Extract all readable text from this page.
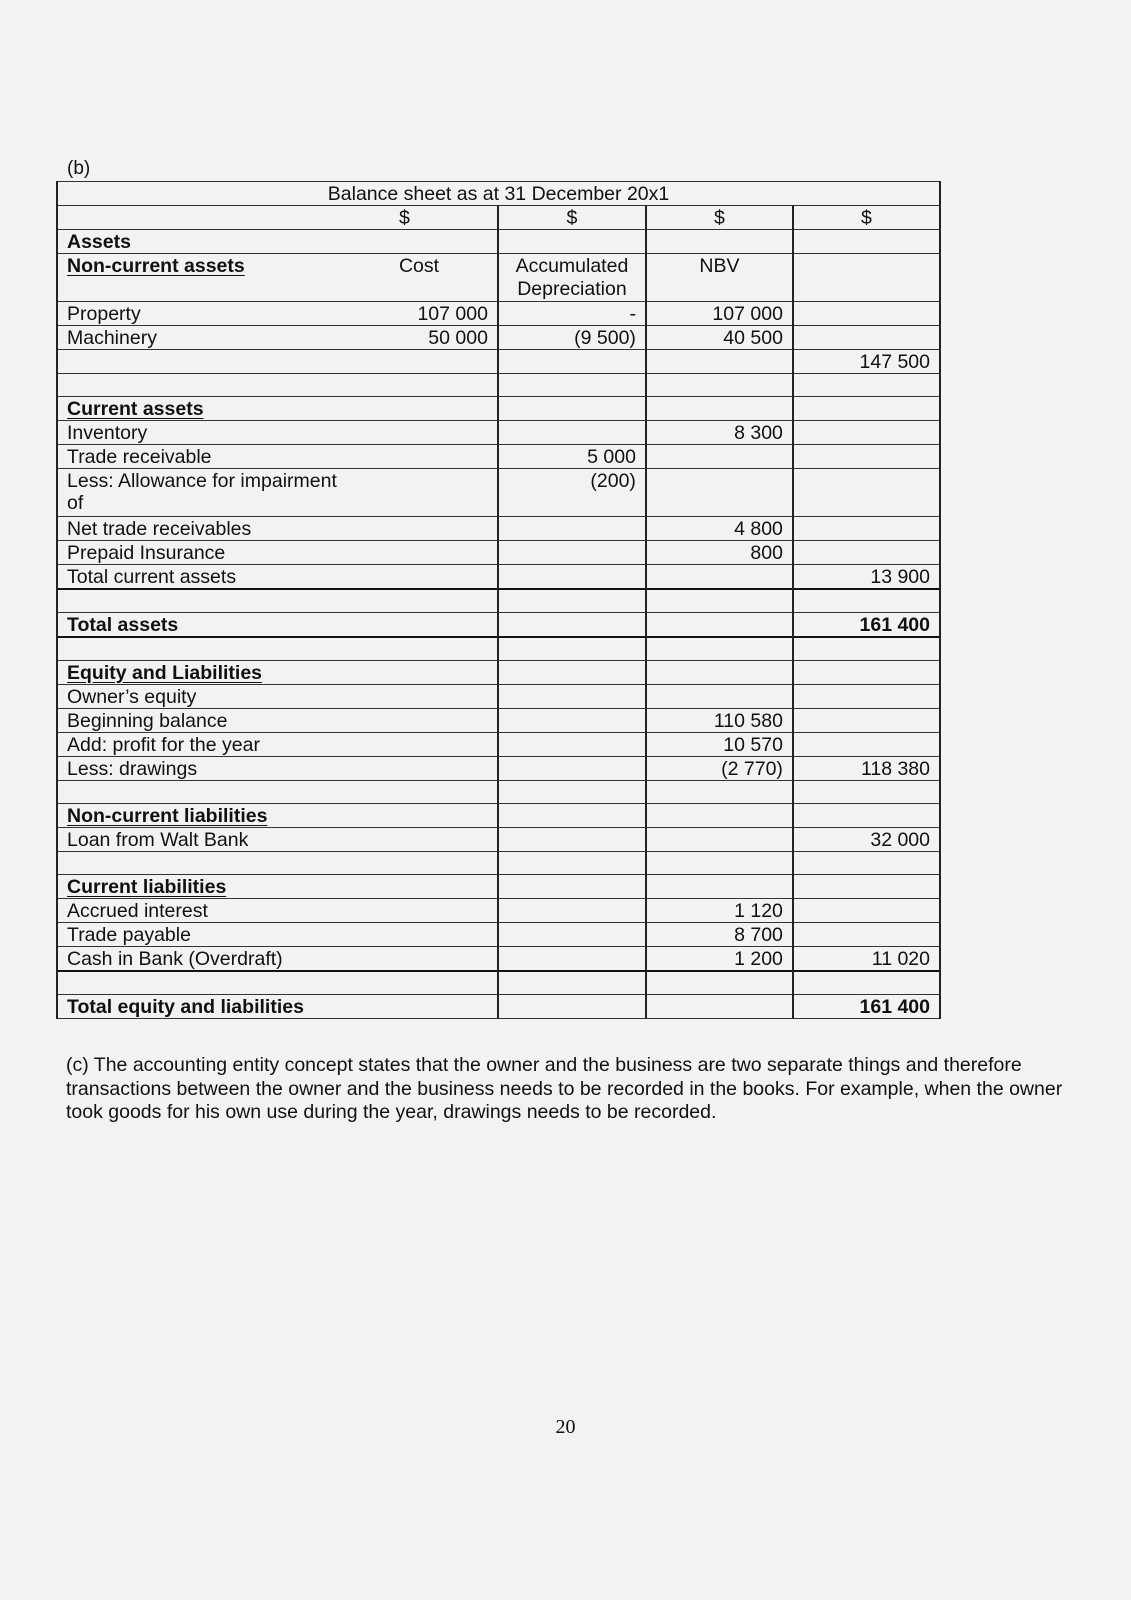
(b)
Balance sheet as at 31 December 20x1				
	$	$	$	$
Assets				
Non-current assets	Cost	Accumulated Depreciation	NBV	
Property	107 000	-	107 000	
Machinery	50 000	(9 500)	40 500	
				147 500

Current assets				
Inventory			8 300	
Trade receivable		5 000		
Less: Allowance for impairment of		(200)		
Net trade receivables			4 800	
Prepaid Insurance			800	
Total current assets				13 900

Total assets				161 400

Equity and Liabilities				
Owner’s equity				
Beginning balance			110 580	
Add: profit for the year			10 570	
Less: drawings			(2 770)	118 380

Non-current liabilities				
Loan from Walt Bank				32 000

Current liabilities				
Accrued interest			1 120	
Trade payable			8 700	
Cash in Bank (Overdraft)			1 200	11 020

Total equity and liabilities				161 400
(c) The accounting entity concept states that the owner and the business are two separate things and therefore transactions between the owner and the business needs to be recorded in the books. For example, when the owner took goods for his own use during the year, drawings needs to be recorded.
20
